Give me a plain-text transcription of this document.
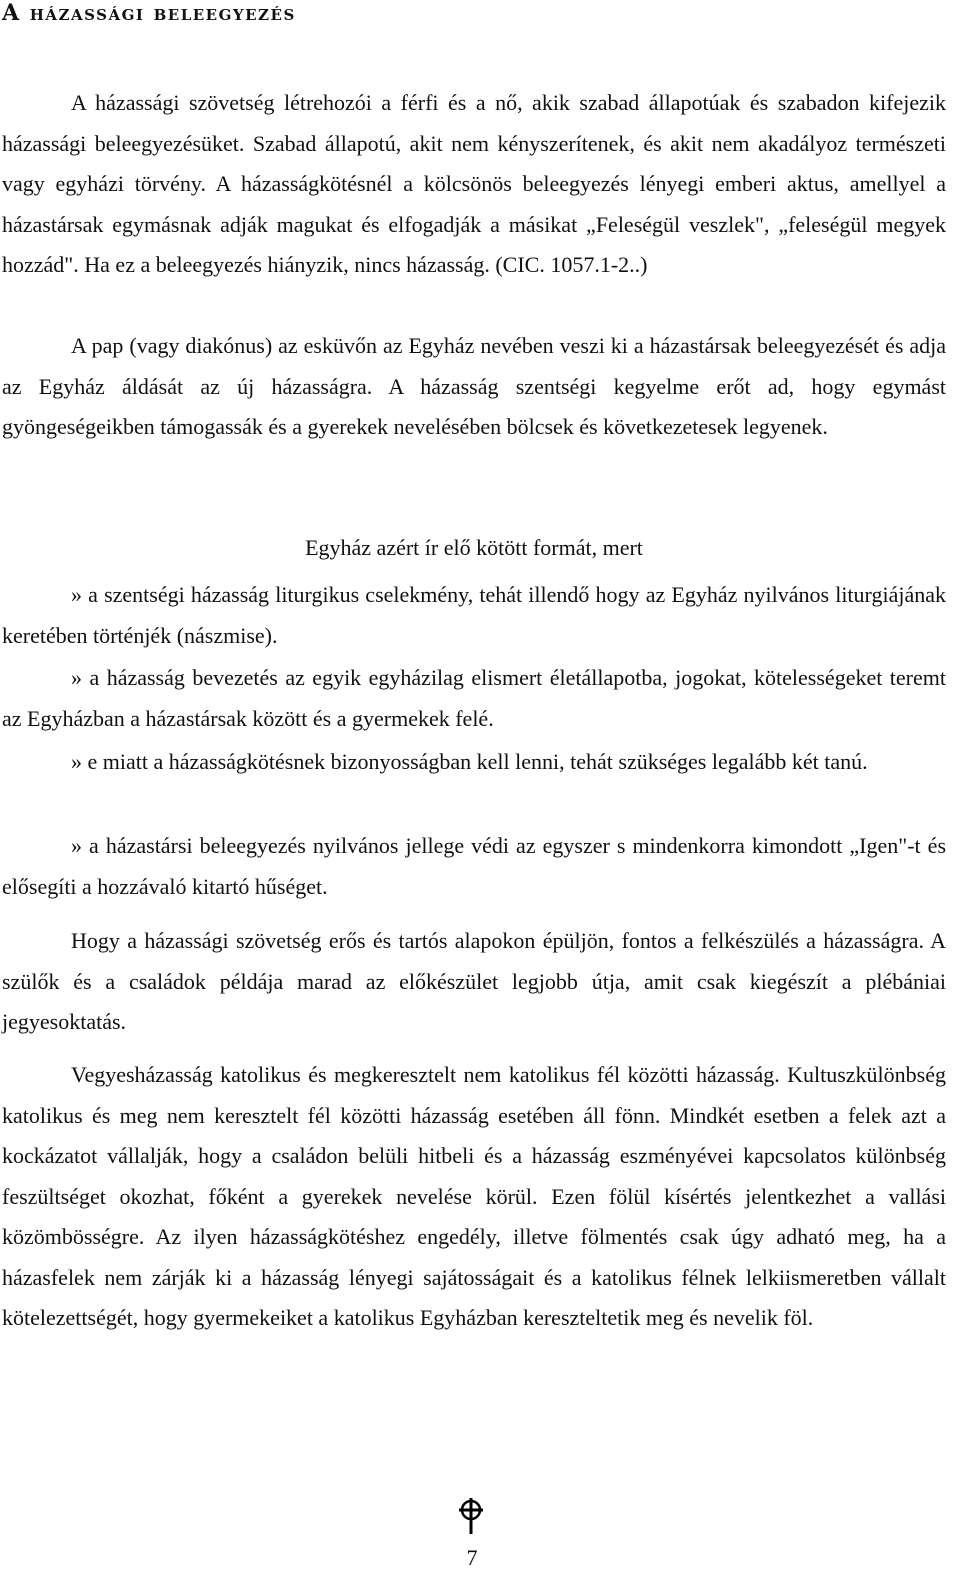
A házassági beleegyezés

A házassági szövetség létrehozói a férfi és a nő, akik szabad állapotúak és szabadon kifejezik házassági beleegyezésüket. Szabad állapotú, akit nem kényszerítenek, és akit nem akadályoz természeti vagy egyházi törvény. A házasságkötésnél a kölcsönös beleegyezés lényegi emberi aktus, amellyel a házastársak egymásnak adják magukat és elfogadják a másikat „Feleségül veszlek", „feleségül megyek hozzád". Ha ez a beleegyezés hiányzik, nincs házasság. (CIC. 1057.1-2..)

A pap (vagy diakónus) az esküvőn az Egyház nevében veszi ki a házastársak beleegyezését és adja az Egyház áldását az új házasságra. A házasság szentségi kegyelme erőt ad, hogy egymást gyöngeségeikben támogassák és a gyerekek nevelésében bölcsek és következetesek legyenek.

Egyház azért ír elő kötött formát, mert

» a szentségi házasság liturgikus cselekmény, tehát illendő hogy az Egyház nyilvános liturgiájának keretében történjék (nászmise).

» a házasság bevezetés az egyik egyházilag elismert életállapotba, jogokat, kötelességeket teremt az Egyházban a házastársak között és a gyermekek felé.

» e miatt a házasságkötésnek bizonyosságban kell lenni, tehát szükséges legalább két tanú.

» a házastársi beleegyezés nyilvános jellege védi az egyszer s mindenkorra kimondott „Igen"-t és elősegíti a hozzávaló kitartó hűséget.

Hogy a házassági szövetség erős és tartós alapokon épüljön, fontos a felkészülés a házasságra. A szülők és a családok példája marad az előkészület legjobb útja, amit csak kiegészít a plébániai jegyesoktatás.

Vegyesházasság katolikus és megkeresztelt nem katolikus fél közötti házasság. Kultuszkülönbség katolikus és meg nem keresztelt fél közötti házasság esetében áll fönn. Mindkét esetben a felek azt a kockázatot vállalják, hogy a családon belüli hitbeli és a házasság eszményévei kapcsolatos különbség feszültséget okozhat, főként a gyerekek nevelése körül. Ezen fölül kísértés jelentkezhet a vallási közömbösségre. Az ilyen házasságkötéshez engedély, illetve fölmentés csak úgy adható meg, ha a házasfelek nem zárják ki a házasság lényegi sajátosságait és a katolikus félnek lelkiismeretben vállalt kötelezettségét, hogy gyermekeiket a katolikus Egyházban kereszteltetik meg és nevelik föl.

7
